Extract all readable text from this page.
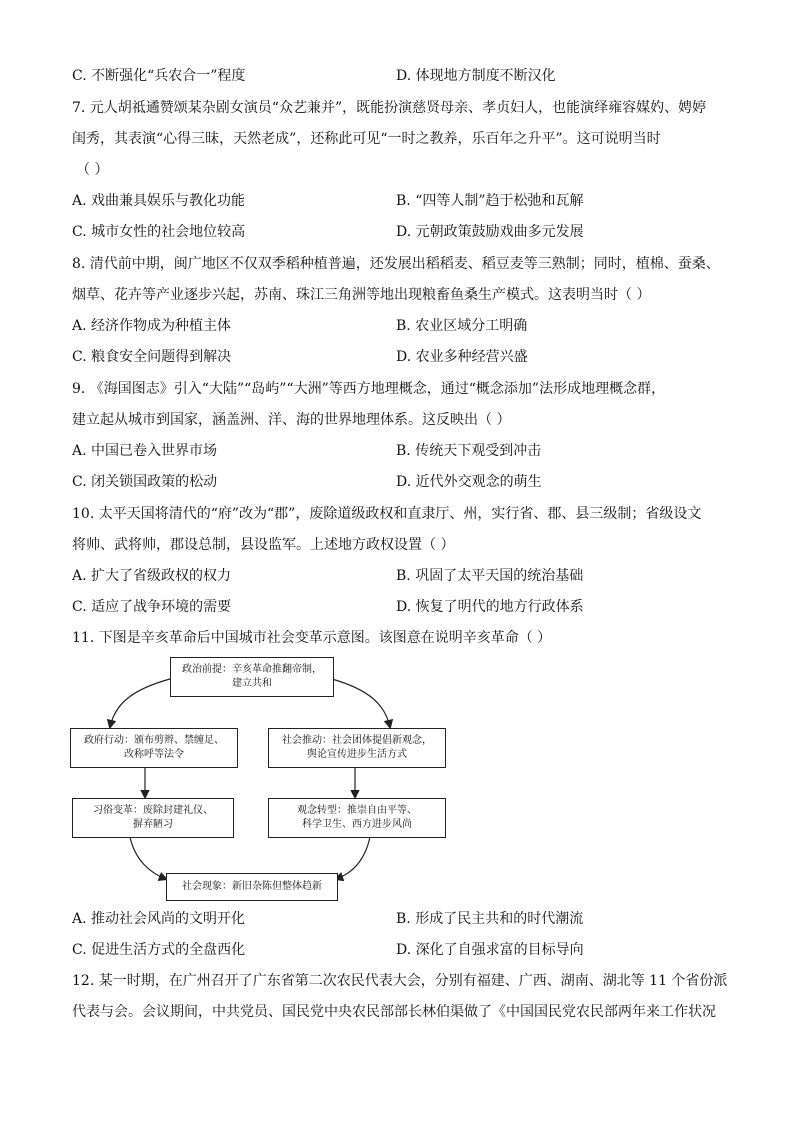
C. 不断强化“兵农合一”程度	D. 体现地方制度不断汉化
7. 元人胡祗遹赞颂某杂剧女演员“众艺兼并”，既能扮演慈贤母亲、孝贞妇人，也能演绎雍容媒妁、娉婷
闺秀，其表演“心得三昧，天然老成”，还称此可见“一时之教养，乐百年之升平”。这可说明当时
（ ）
A. 戏曲兼具娱乐与教化功能	B. “四等人制”趋于松弛和瓦解
C. 城市女性的社会地位较高	D. 元朝政策鼓励戏曲多元发展
8. 清代前中期，闽广地区不仅双季稻种植普遍，还发展出稻稻麦、稻豆麦等三熟制；同时，植棉、蚕桑、
烟草、花卉等产业逐步兴起，苏南、珠江三角洲等地出现粮畜鱼桑生产模式。这表明当时（ ）
A. 经济作物成为种植主体	B. 农业区域分工明确
C. 粮食安全问题得到解决	D. 农业多种经营兴盛
9. 《海国图志》引入“大陆”“岛屿”“大洲”等西方地理概念，通过“概念添加”法形成地理概念群，
建立起从城市到国家，涵盖洲、洋、海的世界地理体系。这反映出（ ）
A. 中国已卷入世界市场	B. 传统天下观受到冲击
C. 闭关锁国政策的松动	D. 近代外交观念的萌生
10. 太平天国将清代的“府”改为“郡”，废除道级政权和直隶厅、州，实行省、郡、县三级制；省级设文
将帅、武将帅，郡设总制，县设监军。上述地方政权设置（ ）
A. 扩大了省级政权的权力	B. 巩固了太平天国的统治基础
C. 适应了战争环境的需要	D. 恢复了明代的地方行政体系
11. 下图是辛亥革命后中国城市社会变革示意图。该图意在说明辛亥革命（ ）
政治前提：辛亥革命推翻帝制，
建立共和
政府行动：颁布剪辫、禁缠足、
改称呼等法令
社会推动：社会团体提倡新观念，
舆论宣传进步生活方式
习俗变革：废除封建礼仪、
摒弃陋习
观念转型：推崇自由平等、
科学卫生、西方进步风尚
社会现象：新旧杂陈但整体趋新
A. 推动社会风尚的文明开化	B. 形成了民主共和的时代潮流
C. 促进生活方式的全盘西化	D. 深化了自强求富的目标导向
12. 某一时期，在广州召开了广东省第二次农民代表大会，分别有福建、广西、湖南、湖北等 11 个省份派
代表与会。会议期间，中共党员、国民党中央农民部部长林伯渠做了《中国国民党农民部两年来工作状况
